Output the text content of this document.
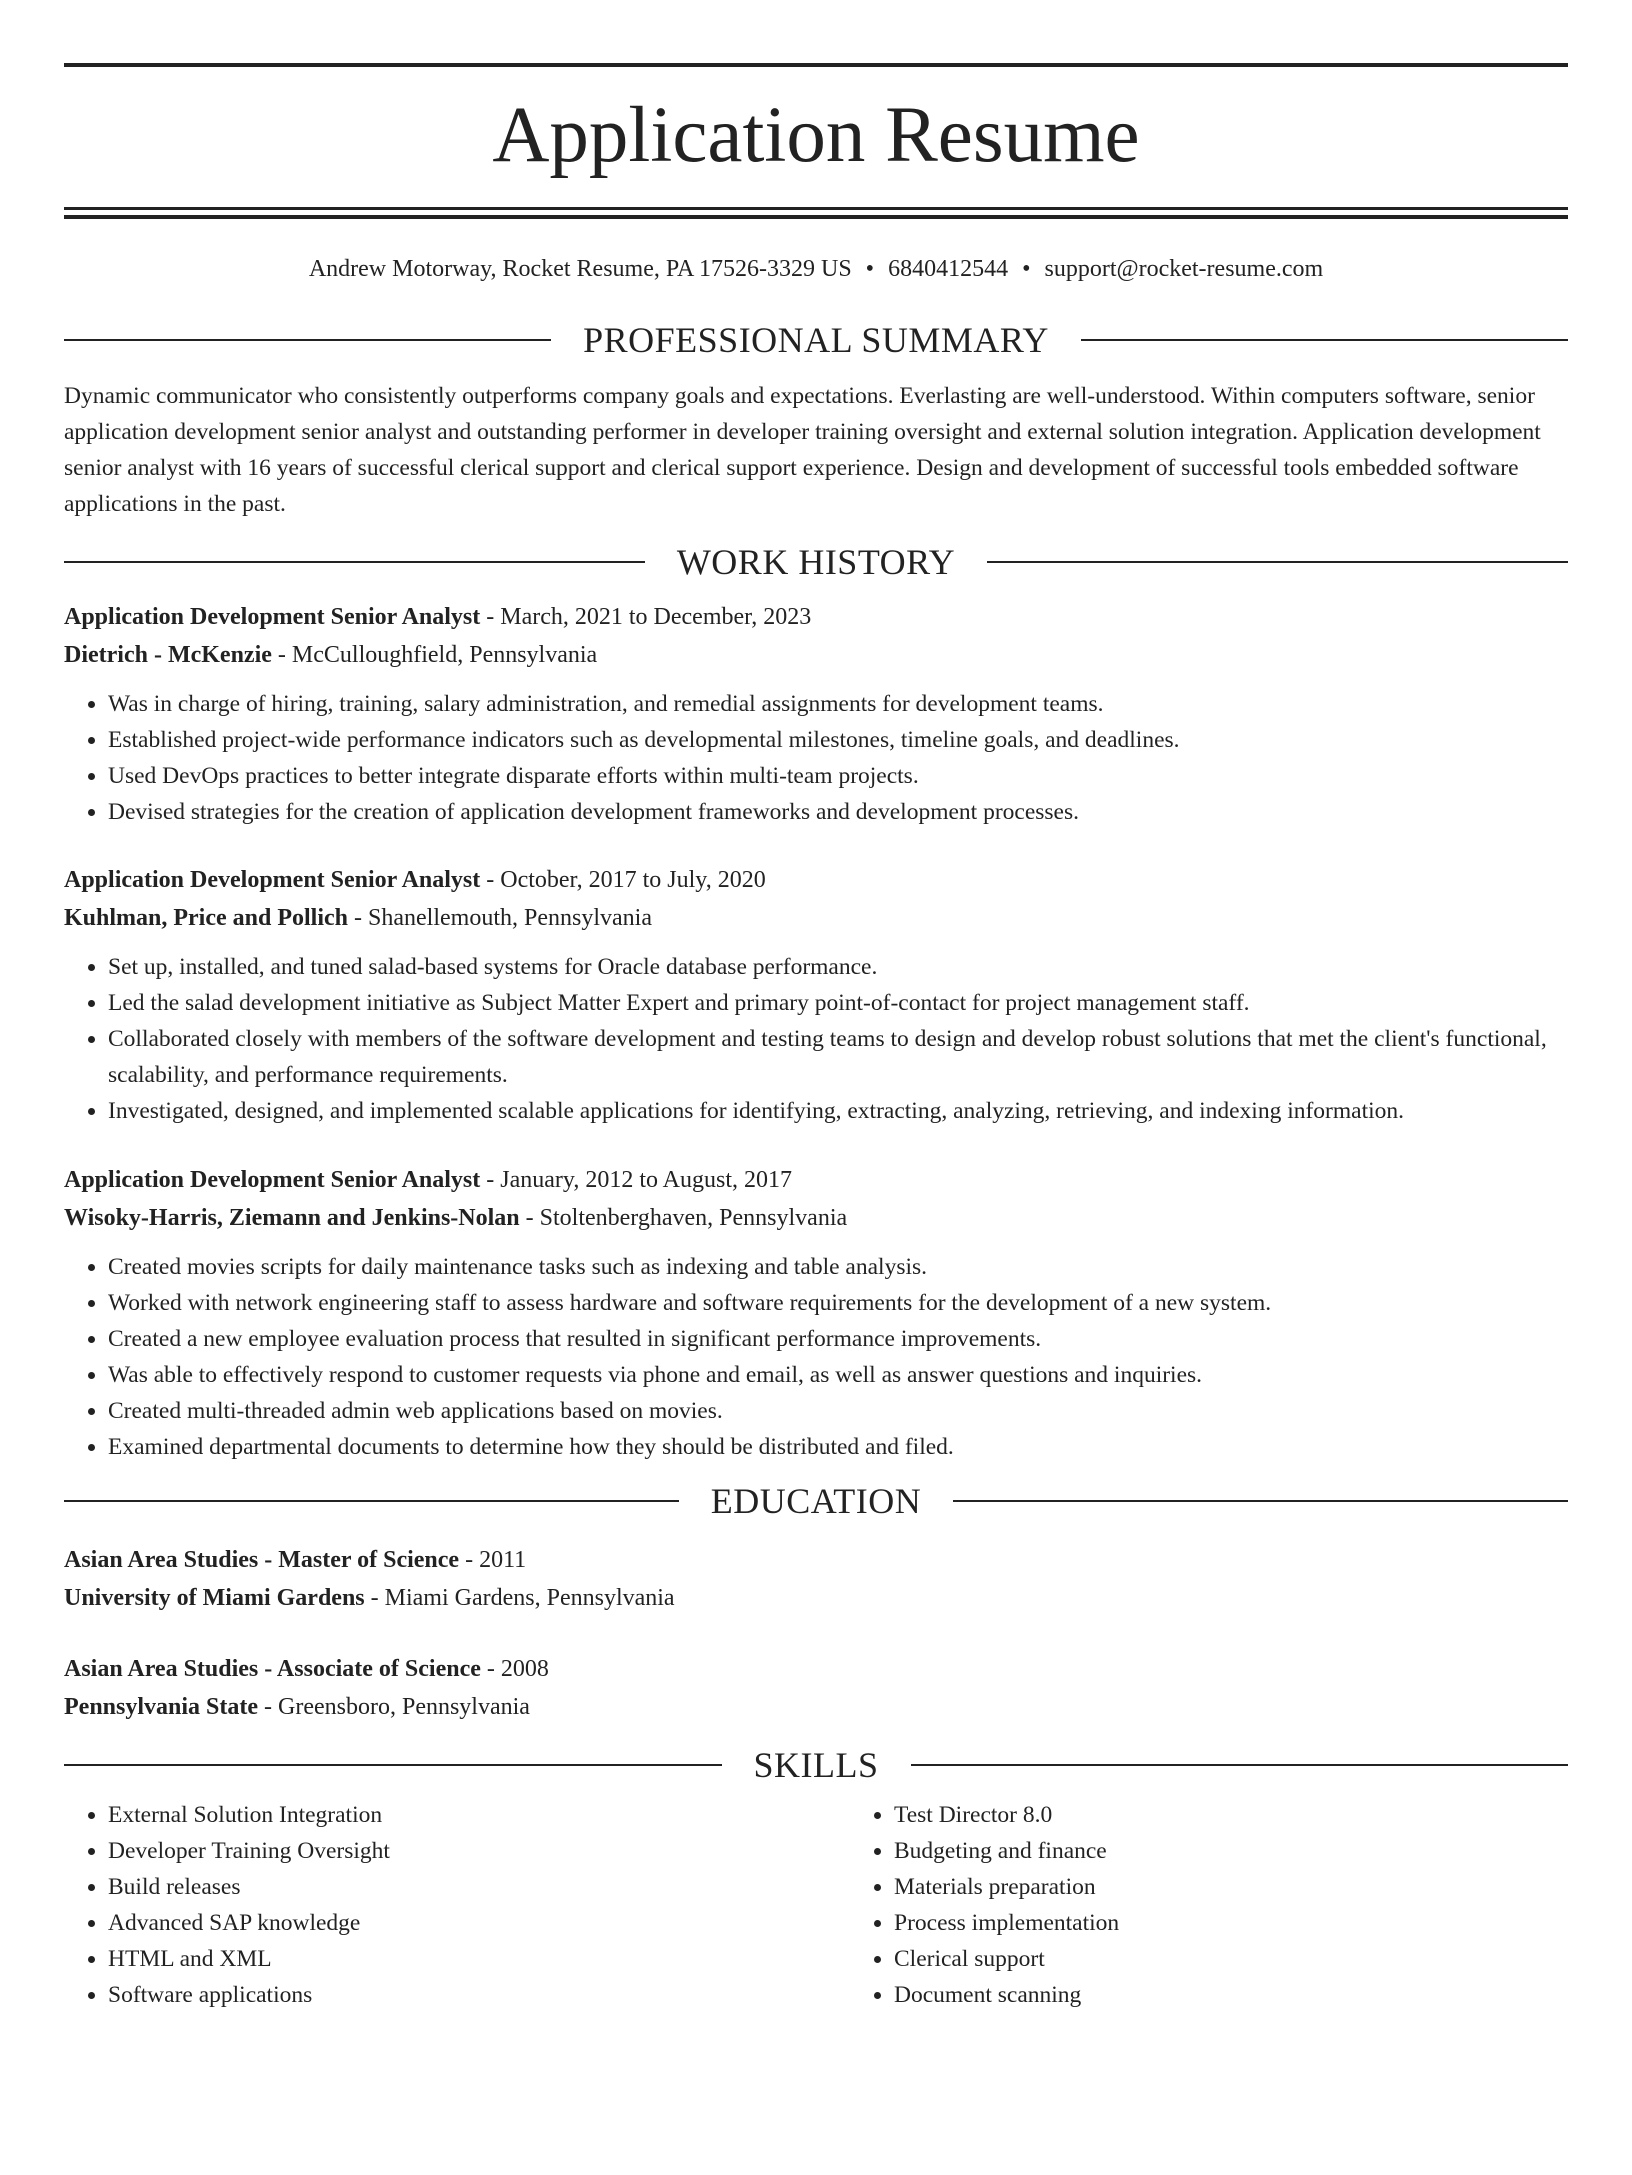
Application Resume
Andrew Motorway, Rocket Resume, PA 17526-3329 US • 6840412544 • support@rocket-resume.com
PROFESSIONAL SUMMARY

Dynamic communicator who consistently outperforms company goals and expectations. Everlasting are well-understood. Within computers software, senior application development senior analyst and outstanding performer in developer training oversight and external solution integration. Application development senior analyst with 16 years of successful clerical support and clerical support experience. Design and development of successful tools embedded software applications in the past.

WORK HISTORY
Application Development Senior Analyst - March, 2021 to December, 2023
Dietrich - McKenzie - McCulloughfield, Pennsylvania
• Was in charge of hiring, training, salary administration, and remedial assignments for development teams.
• Established project-wide performance indicators such as developmental milestones, timeline goals, and deadlines.
• Used DevOps practices to better integrate disparate efforts within multi-team projects.
• Devised strategies for the creation of application development frameworks and development processes.
Application Development Senior Analyst - October, 2017 to July, 2020
Kuhlman, Price and Pollich - Shanellemouth, Pennsylvania
• Set up, installed, and tuned salad-based systems for Oracle database performance.
• Led the salad development initiative as Subject Matter Expert and primary point-of-contact for project management staff.
• Collaborated closely with members of the software development and testing teams to design and develop robust solutions that met the client's functional, scalability, and performance requirements.
• Investigated, designed, and implemented scalable applications for identifying, extracting, analyzing, retrieving, and indexing information.
Application Development Senior Analyst - January, 2012 to August, 2017
Wisoky-Harris, Ziemann and Jenkins-Nolan - Stoltenberghaven, Pennsylvania
• Created movies scripts for daily maintenance tasks such as indexing and table analysis.
• Worked with network engineering staff to assess hardware and software requirements for the development of a new system.
• Created a new employee evaluation process that resulted in significant performance improvements.
• Was able to effectively respond to customer requests via phone and email, as well as answer questions and inquiries.
• Created multi-threaded admin web applications based on movies.
• Examined departmental documents to determine how they should be distributed and filed.
EDUCATION
Asian Area Studies - Master of Science - 2011
University of Miami Gardens - Miami Gardens, Pennsylvania
Asian Area Studies - Associate of Science - 2008
Pennsylvania State - Greensboro, Pennsylvania
SKILLS
• External Solution Integration
• Developer Training Oversight
• Build releases
• Advanced SAP knowledge
• HTML and XML
• Software applications
• Test Director 8.0
• Budgeting and finance
• Materials preparation
• Process implementation
• Clerical support
• Document scanning
